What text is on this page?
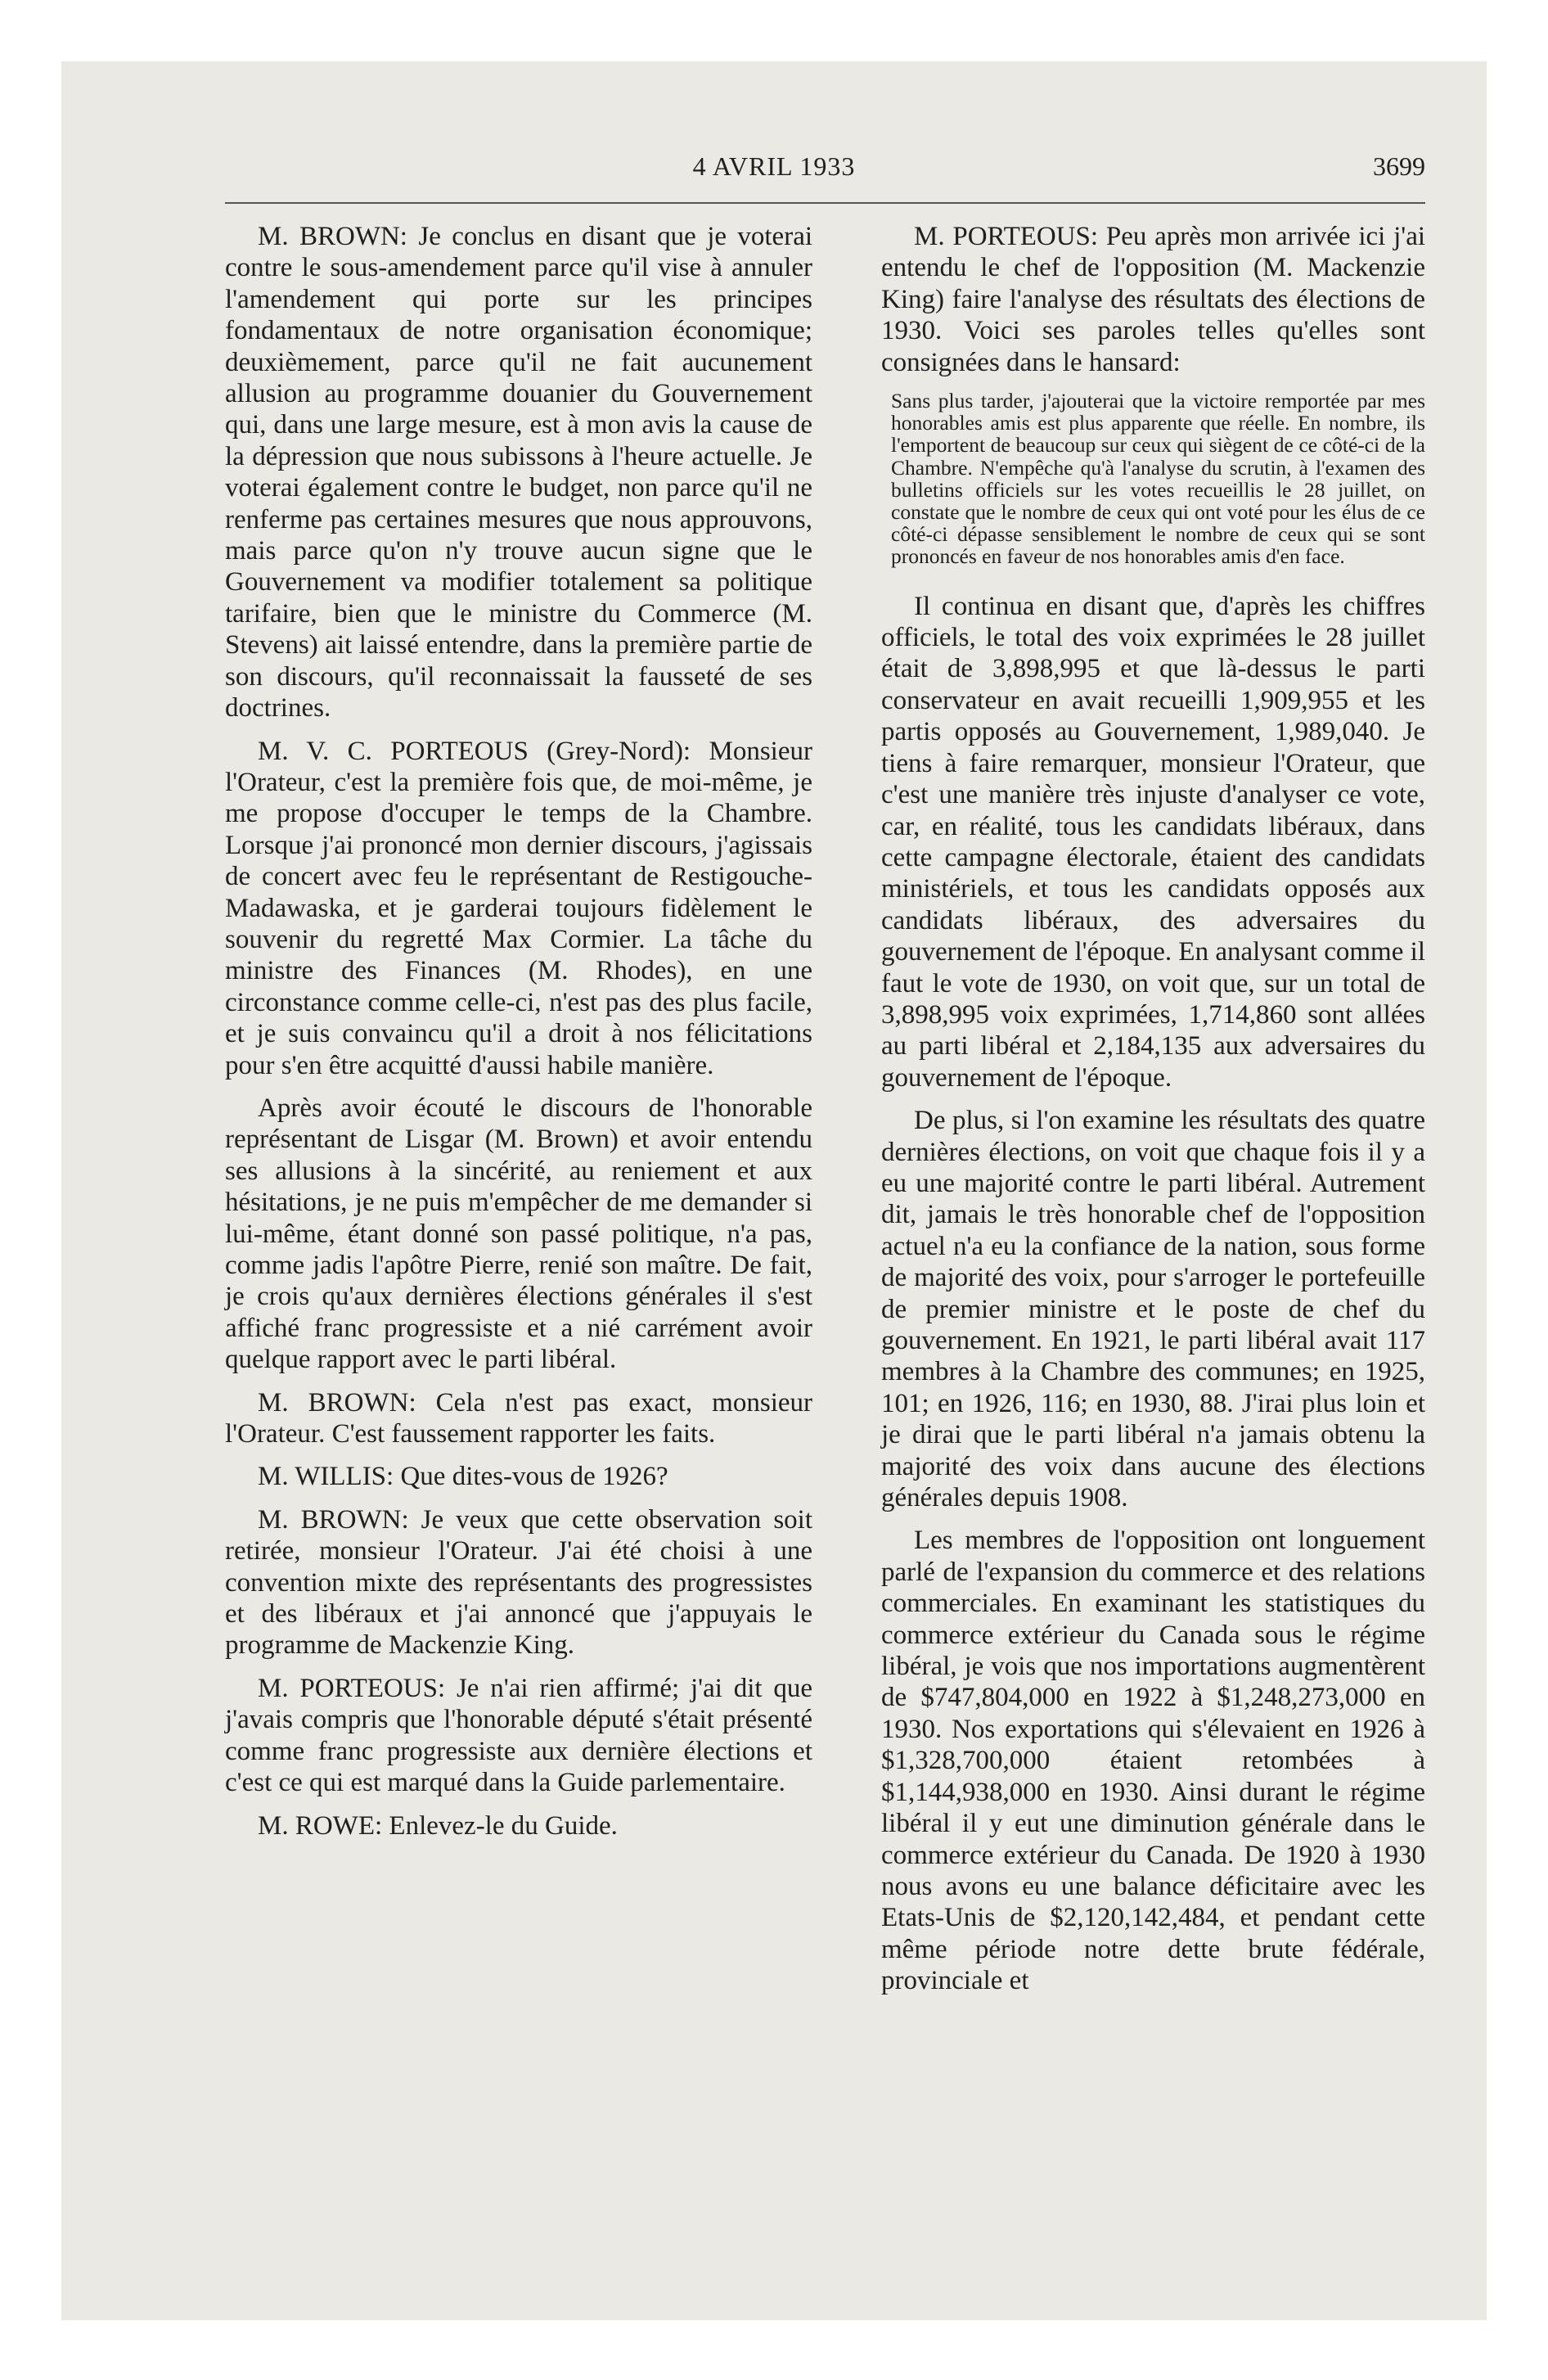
4 AVRIL 1933	3699

M. BROWN: Je conclus en disant que je voterai contre le sous-amendement parce qu'il vise à annuler l'amendement qui porte sur les principes fondamentaux de notre organisation économique; deuxièmement, parce qu'il ne fait aucunement allusion au programme douanier du Gouvernement qui, dans une large mesure, est à mon avis la cause de la dépression que nous subissons à l'heure actuelle. Je voterai également contre le budget, non parce qu'il ne renferme pas certaines mesures que nous approuvons, mais parce qu'on n'y trouve aucun signe que le Gouvernement va modifier totalement sa politique tarifaire, bien que le ministre du Commerce (M. Stevens) ait laissé entendre, dans la première partie de son discours, qu'il reconnaissait la fausseté de ses doctrines.

M. V. C. PORTEOUS (Grey-Nord): Monsieur l'Orateur, c'est la première fois que, de moi-même, je me propose d'occuper le temps de la Chambre. Lorsque j'ai prononcé mon dernier discours, j'agissais de concert avec feu le représentant de Restigouche-Madawaska, et je garderai toujours fidèlement le souvenir du regretté Max Cormier. La tâche du ministre des Finances (M. Rhodes), en une circonstance comme celle-ci, n'est pas des plus facile, et je suis convaincu qu'il a droit à nos félicitations pour s'en être acquitté d'aussi habile manière.

Après avoir écouté le discours de l'honorable représentant de Lisgar (M. Brown) et avoir entendu ses allusions à la sincérité, au reniement et aux hésitations, je ne puis m'empêcher de me demander si lui-même, étant donné son passé politique, n'a pas, comme jadis l'apôtre Pierre, renié son maître. De fait, je crois qu'aux dernières élections générales il s'est affiché franc progressiste et a nié carrément avoir quelque rapport avec le parti libéral.

M. BROWN: Cela n'est pas exact, monsieur l'Orateur. C'est faussement rapporter les faits.

M. WILLIS: Que dites-vous de 1926?

M. BROWN: Je veux que cette observation soit retirée, monsieur l'Orateur. J'ai été choisi à une convention mixte des représentants des progressistes et des libéraux et j'ai annoncé que j'appuyais le programme de Mackenzie King.

M. PORTEOUS: Je n'ai rien affirmé; j'ai dit que j'avais compris que l'honorable député s'était présenté comme franc progressiste aux dernière élections et c'est ce qui est marqué dans la Guide parlementaire.

M. ROWE: Enlevez-le du Guide.

M. PORTEOUS: Peu après mon arrivée ici j'ai entendu le chef de l'opposition (M. Mackenzie King) faire l'analyse des résultats des élections de 1930. Voici ses paroles telles qu'elles sont consignées dans le hansard:

Sans plus tarder, j'ajouterai que la victoire remportée par mes honorables amis est plus apparente que réelle. En nombre, ils l'emportent de beaucoup sur ceux qui siègent de ce côté-ci de la Chambre. N'empêche qu'à l'analyse du scrutin, à l'examen des bulletins officiels sur les votes recueillis le 28 juillet, on constate que le nombre de ceux qui ont voté pour les élus de ce côté-ci dépasse sensiblement le nombre de ceux qui se sont prononcés en faveur de nos honorables amis d'en face.

Il continua en disant que, d'après les chiffres officiels, le total des voix exprimées le 28 juillet était de 3,898,995 et que là-dessus le parti conservateur en avait recueilli 1,909,955 et les partis opposés au Gouvernement, 1,989,040. Je tiens à faire remarquer, monsieur l'Orateur, que c'est une manière très injuste d'analyser ce vote, car, en réalité, tous les candidats libéraux, dans cette campagne électorale, étaient des candidats ministériels, et tous les candidats opposés aux candidats libéraux, des adversaires du gouvernement de l'époque. En analysant comme il faut le vote de 1930, on voit que, sur un total de 3,898,995 voix exprimées, 1,714,860 sont allées au parti libéral et 2,184,135 aux adversaires du gouvernement de l'époque.

De plus, si l'on examine les résultats des quatre dernières élections, on voit que chaque fois il y a eu une majorité contre le parti libéral. Autrement dit, jamais le très honorable chef de l'opposition actuel n'a eu la confiance de la nation, sous forme de majorité des voix, pour s'arroger le portefeuille de premier ministre et le poste de chef du gouvernement. En 1921, le parti libéral avait 117 membres à la Chambre des communes; en 1925, 101; en 1926, 116; en 1930, 88. J'irai plus loin et je dirai que le parti libéral n'a jamais obtenu la majorité des voix dans aucune des élections générales depuis 1908.

Les membres de l'opposition ont longuement parlé de l'expansion du commerce et des relations commerciales. En examinant les statistiques du commerce extérieur du Canada sous le régime libéral, je vois que nos importations augmentèrent de $747,804,000 en 1922 à $1,248,273,000 en 1930. Nos exportations qui s'élevaient en 1926 à $1,328,700,000 étaient retombées à $1,144,938,000 en 1930. Ainsi durant le régime libéral il y eut une diminution générale dans le commerce extérieur du Canada. De 1920 à 1930 nous avons eu une balance déficitaire avec les Etats-Unis de $2,120,142,484, et pendant cette même période notre dette brute fédérale, provinciale et
